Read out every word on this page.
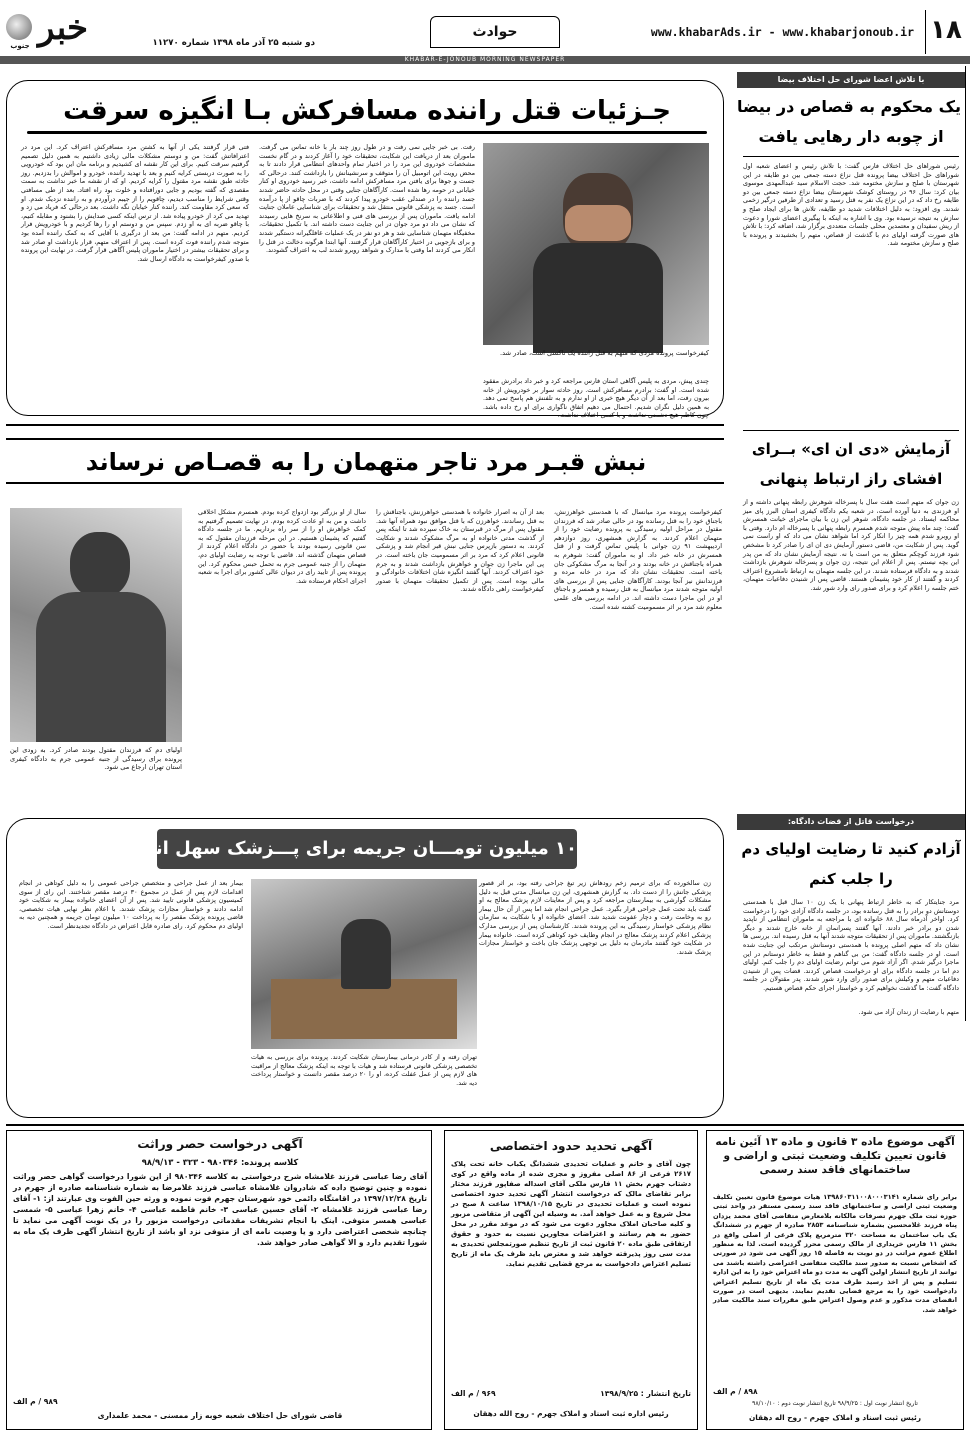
۱۸
www.khabarAds.ir - www.khabarjonoub.ir
حوادث
دو شنبه ۲۵ آذر ماه ۱۳۹۸ شماره ۱۱۲۷۰
خبر
جنوب
KHABAR-E-JONOUB MORNING NEWSPAPER
با تلاش اعضا شورای حل اختلاف بیضا
یک محکوم به قصاص در بیضا
از چوبه دار رهایی یافت
رئیس شوراهای حل اختلاف فارس گفت: با تلاش رئیس و اعضای شعبه اول شوراهای حل اختلاف بیضا پرونده قتل نزاع دسته جمعی بین دو طایفه در این شهرستان با صلح و سازش مختومه شد. حجت الاسلام سید عبدالمهدی موسوی بیان کرد: سال ۹۶ در روستای کوشک شهرستان بیضا نزاع دسته جمعی بین دو طایفه رخ داد که در این نزاع یک نفر به قتل رسید و تعدادی از طرفین درگیر زخمی شدند. وی افزود: به دلیل اختلافات شدید دو طایفه، تلاش ها برای ایجاد صلح و سازش به نتیجه نرسیده بود. وی با اشاره به اینکه با پیگیری اعضای شورا و دعوت از ریش سفیدان و معتمدین محلی جلسات متعددی برگزار شد، اضافه کرد: با تلاش های صورت گرفته اولیای دم با گذشت از قصاص، متهم را بخشیدند و پرونده با صلح و سازش مختومه شد.
آزمایش «دی ان ای» بــرای
افشای راز ارتباط پنهانی
زن جوان که متهم است هفت سال با پسرخاله شوهرش رابطه پنهانی داشته و از او فرزندی به دنیا آورده است، در شعبه یکم دادگاه کیفری استان البرز پای میز محاکمه ایستاد. در جلسه دادگاه، شوهر این زن با بیان ماجرای خیانت همسرش گفت: چند ماه پیش متوجه شدم همسرم رابطه پنهانی با پسرخاله ام دارد. وقتی با او روبرو شدم همه چیز را انکار کرد اما شواهد نشان می داد که او راست نمی گوید. پس از شکایت من، قاضی دستور آزمایش دی ان ای را صادر کرد تا مشخص شود فرزند کوچکم متعلق به من است یا نه. نتیجه آزمایش نشان داد که من پدر این بچه نیستم. پس از اعلام این نتیجه، زن جوان و پسرخاله شوهرش بازداشت شدند و به دادگاه فرستاده شدند. در این جلسه متهمان به ارتباط نامشروع اعتراف کردند و گفتند از کار خود پشیمان هستند. قاضی پس از شنیدن دفاعیات متهمان، ختم جلسه را اعلام کرد و برای صدور رای وارد شور شد.
درخواست قاتل از قضات دادگاه:
آزادم کنید تا رضایت اولیای دم
را جلب کنم
مرد جنایتکار که به خاطر ارتباط پنهانی با یک زن ۱۰ سال قبل با همدستی دوستانش دو برادر را به قتل رسانده بود، در جلسه دادگاه آزادی خود را درخواست کرد. اواخر آذرماه سال ۸۸ خانواده ای با مراجعه به ماموران انتظامی از ناپدید شدن دو برادر خبر دادند. آنها گفتند پسرانمان از خانه خارج شدند و دیگر بازنگشتند. ماموران پس از تحقیقات متوجه شدند آنها به قتل رسیده اند. بررسی ها نشان داد که متهم اصلی پرونده با همدستی دوستانش مرتکب این جنایت شده است. او در جلسه دادگاه گفت: من بی گناهم و فقط به خاطر دوستانم در این ماجرا درگیر شدم. اگر آزاد شوم می توانم رضایت اولیای دم را جلب کنم. اولیای دم اما در جلسه دادگاه برای او درخواست قصاص کردند. قضات پس از شنیدن دفاعیات متهم و وکیلش برای صدور رای وارد شور شدند. پدر مقتولان در جلسه دادگاه گفت: ما گذشت نخواهیم کرد و خواستار اجرای حکم قصاص هستیم.
متهم با رضایت از زندان آزاد می شود.
جـزئیات قتل راننده مسافرکش بـا انگیزه سرقت
چندی پیش، مردی به پلیس آگاهی استان فارس مراجعه کرد و خبر داد برادرش مفقود شده است. او گفت: برادرم مسافرکش است. روز حادثه سوار بر خودرویش از خانه بیرون رفت، اما بعد از آن دیگر هیچ خبری از او ندارم و به تلفنش هم پاسخ نمی دهد. به همین دلیل نگران شدیم. احتمال می دهیم اتفاق ناگواری برای او رخ داده باشد. چون کاظم هیچ دشمنی نداشت و با کسی اختلاف نداشت.
کیفرخواست پرونده مردی که متهم به قتل راننده یک تاکسی است، صادر شد.
رفت. بی خبر جایی نمی رفت و در طول روز چند بار با خانه تماس می گرفت. ماموران بعد از دریافت این شکایت، تحقیقات خود را آغاز کردند و در گام نخست مشخصات خودروی این مرد را در اختیار تمام واحدهای انتظامی قرار دادند تا به محض رویت این اتومبیل آن را متوقف و سرنشینانش را بازداشت کنند. درحالی که جست و جوها برای یافتن مرد مسافرکش ادامه داشت، خبر رسید خودروی او کنار خیابانی در حومه رها شده است. کارآگاهان جنایی وقتی در محل حادثه حاضر شدند جسد راننده را در صندلی عقب خودرو پیدا کردند که با ضربات چاقو از پا درآمده است. جسد به پزشکی قانونی منتقل شد و تحقیقات برای شناسایی عاملان جنایت ادامه یافت. ماموران پس از بررسی های فنی و اطلاعاتی به سرنخ هایی رسیدند که نشان می داد دو مرد جوان در این جنایت دست داشته اند. با تکمیل تحقیقات، مخفیگاه متهمان شناسایی شد و هر دو نفر در یک عملیات غافلگیرانه دستگیر شدند و برای بازجویی در اختیار کارآگاهان قرار گرفتند. آنها ابتدا هرگونه دخالت در قتل را انکار می کردند اما وقتی با مدارک و شواهد روبرو شدند لب به اعتراف گشودند.
فتی قرار گرفتند یکی از آنها به کشتن مرد مسافرکش اعتراف کرد. این مرد در اعترافاتش گفت: من و دوستم مشکلات مالی زیادی داشتیم به همین دلیل تصمیم گرفتیم سرقت کنیم. برای این کار نقشه ای کشیدیم و برنامه مان این بود که خودرویی را به صورت دربستی کرایه کنیم و بعد با تهدید راننده، خودرو و اموالش را بدزدیم. روز حادثه طبق نقشه مرد مقتول را کرایه کردیم. او که از نقشه ما خبر نداشت به سمت مقصدی که گفته بودیم و جایی دورافتاده و خلوت بود راه افتاد. بعد از طی مسافتی وقتی شرایط را مناسب دیدیم، چاقویم را از جیبم درآوردم و به راننده نزدیک شدم. او که سعی کرد مقاومت کند. راننده کنار خیابان نگه داشت. بعد درحالی که فریاد می زد و تهدید می کرد از خودرو پیاده شد. از ترس اینکه کسی صدایش را بشنود و مقابله کنیم، با چاقو ضربه ای به او زدم. سپس من و دوستم او را رها کردیم و با خودرویش فرار کردیم. متهم در ادامه گفت: من بعد از درگیری با آقایی که به کمک راننده آمده بود متوجه شدم راننده فوت کرده است. پس از اعتراف متهم، قرار بازداشت او صادر شد و برای تحقیقات بیشتر در اختیار ماموران پلیس آگاهی قرار گرفت. در نهایت این پرونده با صدور کیفرخواست به دادگاه ارسال شد.
نبش قبـر مرد تاجر متهمان را به قصـاص نرساند
کیفرخواست پرونده مرد میانسال که با همدستی خواهرزنش، باجناق خود را به قتل رسانده بود در حالی صادر شد که فرزندان مقتول در مراحل اولیه رسیدگی به پرونده رضایت خود را از متهمان اعلام کردند. به گزارش همشهری، روز دوازدهم اردیبهشت ۹۱ زن جوانی با پلیس تماس گرفت و از قتل همسرش در خانه خبر داد. او به ماموران گفت: شوهرم به همراه باجناقش در خانه بودند و در آنجا به مرگ مشکوکی جان باخته است. تحقیقات نشان داد که مرد در خانه مرده و فرزندانش نیز آنجا بودند. کارآگاهان جنایی پس از بررسی های اولیه متوجه شدند مرد میانسال به قتل رسیده و همسر و باجناق او در این ماجرا دست داشته اند. در ادامه بررسی های علمی معلوم شد مرد بر اثر مسمومیت کشته شده است.
بعد از آن به اصرار خانواده با همدستی خواهرزنش، باجناقش را به قتل رساندند. خواهرزن که با قتل موافق نبود همراه آنها شد. مقتول پس از مرگ در قبرستان به خاک سپرده شد تا اینکه پس از گذشت مدتی خانواده او به مرگ مشکوک شدند و شکایت کردند. به دستور بازپرس جنایی نبش قبر انجام شد و پزشکی قانونی اعلام کرد که مرد بر اثر مسمومیت جان باخته است. در پی این ماجرا زن جوان و خواهرش بازداشت شدند و به جرم خود اعتراف کردند. آنها گفتند انگیزه شان اختلافات خانوادگی و مالی بوده است. پس از تکمیل تحقیقات متهمان با صدور کیفرخواست راهی دادگاه شدند.
سال از او بزرگتر بود ازدواج کرده بودم. همسرم مشکل اخلاقی داشت و من به او عادت کرده بودم. در نهایت تصمیم گرفتیم به کمک خواهرش او را از سر راه برداریم. ما در جلسه دادگاه گفتیم که پشیمان هستیم. در این مرحله فرزندان مقتول که به سن قانونی رسیده بودند با حضور در دادگاه اعلام کردند از قصاص متهمان گذشته اند. قاضی با توجه به رضایت اولیای دم، متهمان را از جنبه عمومی جرم به تحمل حبس محکوم کرد. این پرونده پس از تایید رای در دیوان عالی کشور برای اجرا به شعبه اجرای احکام فرستاده شد.
اولیای دم که فرزندان مقتول بودند صادر کرد. به زودی این پرونده برای رسیدگی از جنبه عمومی جرم به دادگاه کیفری استان تهران ارجاع می شود.
۱۰ میلیون تومـــان جریمه برای پـــزشک سهل انگار
زن سالخورده که برای ترمیم زخم رودهاش زیر تیغ جراحی رفته بود، بر اثر قصور پزشکی جانش را از دست داد. به گزارش همشهری، این زن میانسال مدتی قبل به دلیل مشکلات گوارشی به بیمارستان مراجعه کرد و پس از معاینات لازم پزشک معالج به او گفت باید تحت عمل جراحی قرار بگیرد. عمل جراحی انجام شد اما پس از آن حال بیمار رو به وخامت رفت و دچار عفونت شدید شد. اعضای خانواده او با شکایت به سازمان نظام پزشکی خواستار رسیدگی به این پرونده شدند. کارشناسان پس از بررسی مدارک پزشکی اعلام کردند پزشک معالج در انجام وظایف خود کوتاهی کرده است. خانواده بیمار در شکایت خود گفتند مادرمان به دلیل بی توجهی پزشک جان باخت و خواستار مجازات پزشک شدند.
تهران رفته و از کادر درمانی بیمارستان شکایت کردند. پرونده برای بررسی به هیات تخصصی پزشکی قانونی فرستاده شد و هیات با توجه به اینکه پزشک معالج از مراقبت های لازم پس از عمل غفلت کرده، او را ۲۰ درصد مقصر دانست و خواستار پرداخت دیه شد.
بیمار بعد از عمل جراحی و متخصص جراحی عمومی را به دلیل کوتاهی در انجام اقدامات لازم پس از عمل در مجموع ۳۰ درصد مقصر شناختند. این رای از سوی کمیسیون پزشکی قانونی تایید شد. پس از آن اعضای خانواده بیمار به شکایت خود ادامه دادند و خواستار مجازات پزشک شدند. با اعلام نظر نهایی هیات تخصصی، قاضی پرونده پزشک مقصر را به پرداخت ۱۰ میلیون تومان جریمه و همچنین دیه به اولیای دم محکوم کرد. رای صادره قابل اعتراض در دادگاه تجدیدنظر است.
آگهی موضوع ماده ۳ قانون و ماده ۱۳ آئین نامه قانون تعیین تکلیف وضعیت ثبتی و اراضی و ساختمانهای فاقد سند رسمی
برابر رای شماره ۱۳۹۸۶۰۳۱۱۰۰۸۰۰۰۳۱۴۱ هیات موضوع قانون تعیین تکلیف وضعیت ثبتی اراضی و ساختمانهای فاقد سند رسمی مستقر در واحد ثبتی حوزه ثبت ملک جهرم تصرفات مالکانه بلامعارض متقاضی آقای محمد یزدان پناه فرزند غلامحسین بشماره شناسنامه ۲۸۵۳ صادره از جهرم در ششدانگ یک باب ساختمان به مساحت ۳۲۰ مترمربع پلاک فرعی از اصلی واقع در بخش ۱۱ فارس خریداری از مالک رسمی محرز گردیده است. لذا به منظور اطلاع عموم مراتب در دو نوبت به فاصله ۱۵ روز آگهی می شود در صورتی که اشخاص نسبت به صدور سند مالکیت متقاضی اعتراضی داشته باشند می توانند از تاریخ انتشار اولین آگهی به مدت دو ماه اعتراض خود را به این اداره تسلیم و پس از اخذ رسید ظرف مدت یک ماه از تاریخ تسلیم اعتراض دادخواست خود را به مرجع قضایی تقدیم نمایند. بدیهی است در صورت انقضای مدت مذکور و عدم وصول اعتراض طبق مقررات سند مالکیت صادر خواهد شد.
۸۹۸ / م الف
تاریخ انتشار نوبت اول : ۹۸/۹/۲۵ تاریخ انتشار نوبت دوم : ۹۸/۱۰/۱۰
رئیس ثبت اسناد و املاک جهرم - روح اله دهقان
آگهی تحدید حدود اختصاصی
چون آقای و خانم و عملیات تحدیدی ششدانگ یکباب خانه تحت پلاک ۲۶۱۷ فرعی از ۸۶ اصلی مفروز و مجزی شده از ماده واقع در کوی دشتاب جهرم بخش ۱۱ فارس ملکی آقای اسداله صفاپور فرزند مختار برابر تقاضای مالک که درخواست انتشار آگهی تحدید حدود اختصاصی نموده است و عملیات تحدیدی در تاریخ ۱۳۹۸/۱۰/۱۵ ساعت ۸ صبح در محل شروع و به عمل خواهد آمد. به وسیله این آگهی از متقاضی مزبور و کلیه صاحبان املاک مجاور دعوت می شود که در موعد مقرر در محل حضور به هم رسانند و اعتراضات مجاورین نسبت به حدود و حقوق ارتفاقی طبق ماده ۲۰ قانون ثبت از تاریخ تنظیم صورتمجلس تحدیدی به مدت سی روز پذیرفته خواهد شد و معترض باید ظرف یک ماه از تاریخ تسلیم اعتراض دادخواست به مرجع قضایی تقدیم نماید.
۹۶۹ / م الف	تاریخ انتشار : ۱۳۹۸/۹/۲۵
رئیس اداره ثبت اسناد و املاک جهرم - روح الله دهقان
آگهی درخواست حصر وراثت
کلاسه پرونده: ۹۸۰۳۴۶ - ۳۲۳ - ۹۸/۹/۱۳
آقای رضا عباسی فرزند غلامشاه شرح درخواستی به کلاسه ۹۸۰۳۴۶ از این شورا درخواست گواهی حصر وراثت نموده و چنین توضیح داده که شادروان غلامشاه عباسی فرزند غلامرضا به شماره شناسنامه صادره از جهرم در تاریخ ۱۳۹۷/۱۲/۲۸ در اقامتگاه دائمی خود شهرستان جهرم فوت نموده و ورثه حین الفوت وی عبارتند از: ۱- آقای رضا عباسی فرزند غلامشاه ۲- آقای حسین عباسی ۳- خانم فاطمه عباسی ۴- خانم زهرا عباسی ۵- شمسی عباسی همسر متوفی. اینک با انجام تشریفات مقدماتی درخواست مزبور را در یک نوبت آگهی می نماید تا چنانچه شخصی اعتراضی دارد و یا وصیت نامه ای از متوفی نزد او باشد از تاریخ انتشار آگهی ظرف یک ماه به شورا تقدیم دارد و الا گواهی صادر خواهد شد.
۹۸۹ / م الف
قاضی شورای حل اختلاف شعبه خوبه زار ممسنی - محمد علمداری
